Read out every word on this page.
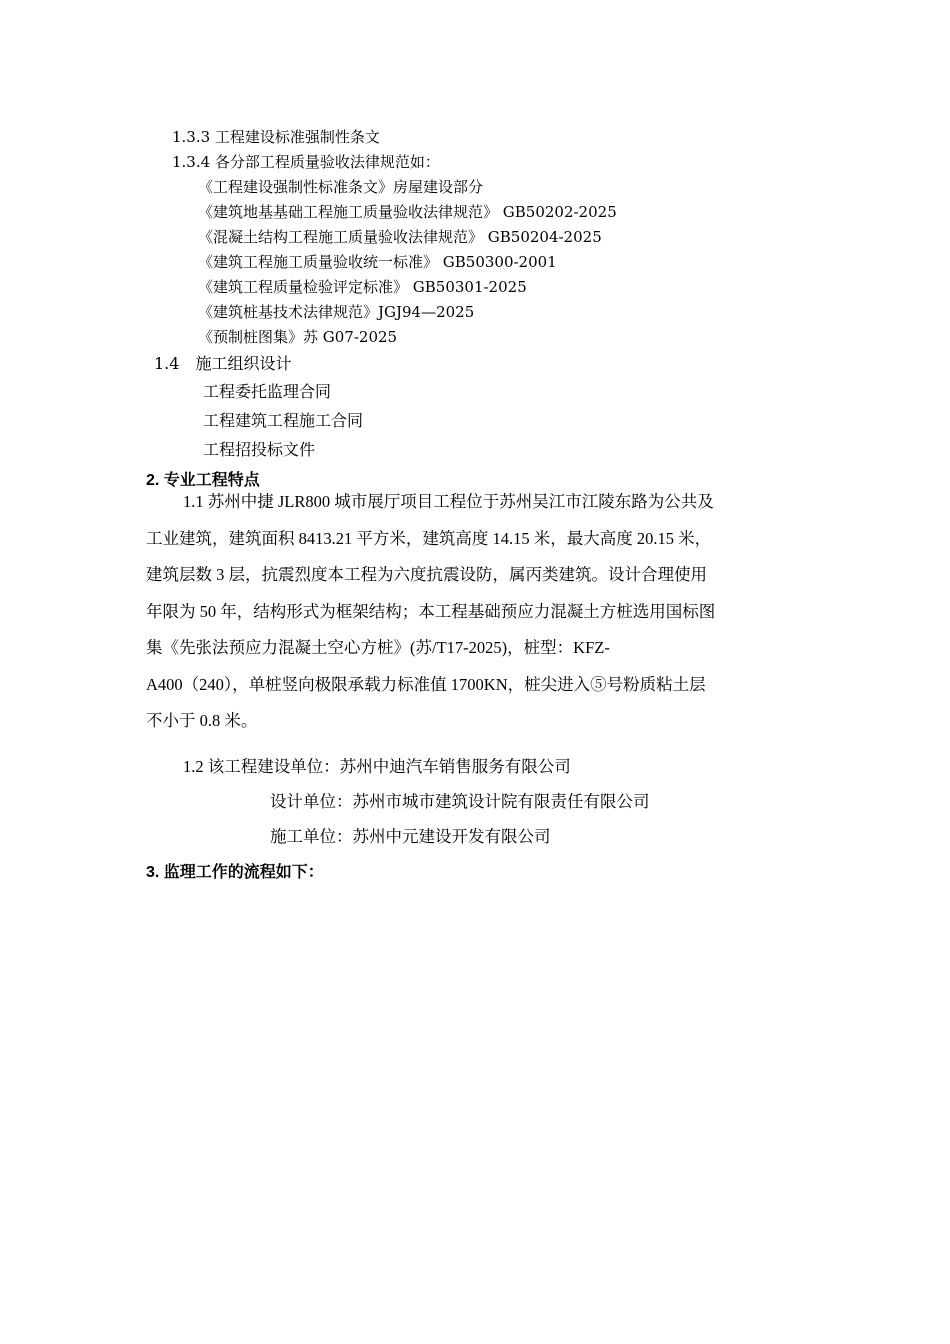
1.3.3 工程建设标准强制性条文
1.3.4 各分部工程质量验收法律规范如：
《工程建设强制性标准条文》房屋建设部分
《建筑地基基础工程施工质量验收法律规范》 GB50202-2025
《混凝土结构工程施工质量验收法律规范》 GB50204-2025
《建筑工程施工质量验收统一标准》 GB50300-2001
《建筑工程质量检验评定标准》 GB50301-2025
《建筑桩基技术法律规范》JGJ94—2025
《预制桩图集》苏 G07-2025
1.4　施工组织设计
工程委托监理合同
工程建筑工程施工合同
工程招投标文件
2. 专业工程特点
1.1 苏州中捷 JLR800 城市展厅项目工程位于苏州吴江市江陵东路为公共及
工业建筑，建筑面积 8413.21 平方米，建筑高度 14.15 米，最大高度 20.15 米，
建筑层数 3 层，抗震烈度本工程为六度抗震设防，属丙类建筑。设计合理使用
年限为 50 年，结构形式为框架结构；本工程基础预应力混凝土方桩选用国标图
集《先张法预应力混凝土空心方桩》(苏/T17-2025)，桩型：KFZ-
A400（240），单桩竖向极限承载力标准值 1700KN，桩尖进入⑤号粉质粘土层
不小于 0.8 米。
1.2 该工程建设单位：苏州中迪汽车销售服务有限公司
设计单位：苏州市城市建筑设计院有限责任有限公司
施工单位：苏州中元建设开发有限公司
3. 监理工作的流程如下：
